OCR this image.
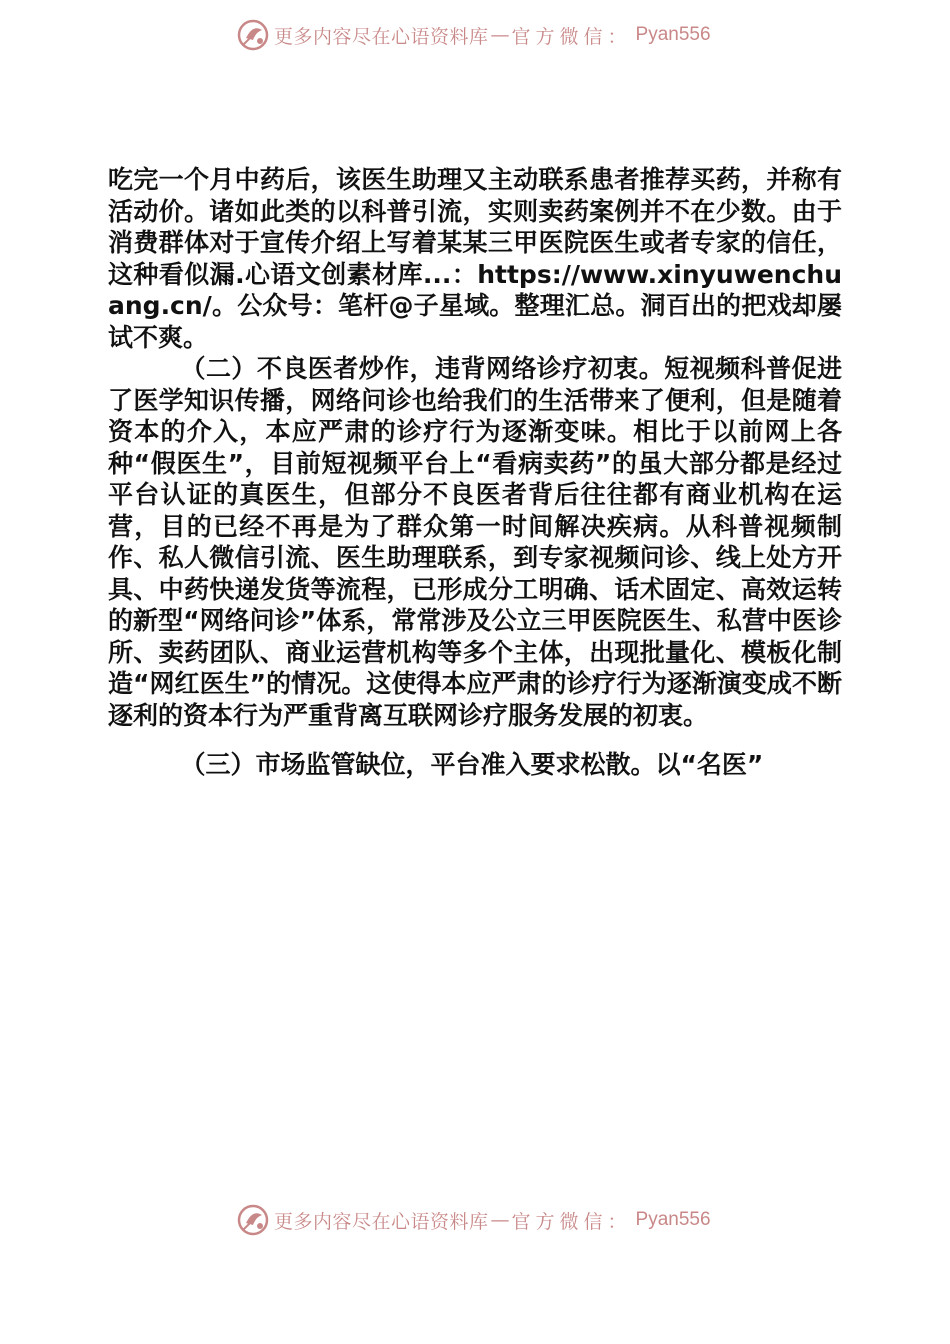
更多内容尽在心语资料库 — 官方微信： Pyan556

吃完一个月中药后，该医生助理又主动联系患者推荐买药，并称有活动价。诸如此类的以科普引流，实则卖药案例并不在少数。由于消费群体对于宣传介绍上写着某某三甲医院医生或者专家的信任，这种看似漏.心语文创素材库...：https://www.xinyuwenchuang.cn/。公众号：笔杆@子星域。整理汇总。洞百出的把戏却屡试不爽。

（二）不良医者炒作，违背网络诊疗初衷。短视频科普促进了医学知识传播，网络问诊也给我们的生活带来了便利，但是随着资本的介入，本应严肃的诊疗行为逐渐变味。相比于以前网上各种“假医生”，目前短视频平台上“看病卖药”的虽大部分都是经过平台认证的真医生，但部分不良医者背后往往都有商业机构在运营，目的已经不再是为了群众第一时间解决疾病。从科普视频制作、私人微信引流、医生助理联系，到专家视频问诊、线上处方开具、中药快递发货等流程，已形成分工明确、话术固定、高效运转的新型“网络问诊”体系，常常涉及公立三甲医院医生、私营中医诊所、卖药团队、商业运营机构等多个主体，出现批量化、模板化制造“网红医生”的情况。这使得本应严肃的诊疗行为逐渐演变成不断逐利的资本行为严重背离互联网诊疗服务发展的初衷。

（三）市场监管缺位，平台准入要求松散。以“名医”

更多内容尽在心语资料库 — 官方微信： Pyan556
